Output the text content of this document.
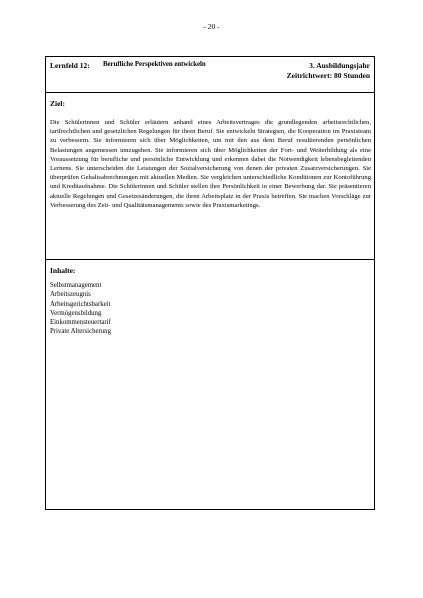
- 20 -
Lernfeld 12: Berufliche Perspektiven entwickeln	3. Ausbildungsjahr
Zeitrichtwert: 80 Stunden
Ziel:
Die Schülerinnen und Schüler erläutern anhand eines Arbeitsvertrages die grundlegenden arbeitsrechtlichen, tarifrechtlichen und gesetzlichen Regelungen für ihren Beruf. Sie entwickeln Strategien, die Kooperation im Praxisteam zu verbessern. Sie informieren sich über Möglichkeiten, um mit den aus dem Beruf resultierenden persönlichen Belastungen angemessen umzugehen. Sie informieren sich über Möglichkeiten der Fort- und Weiterbildung als eine Voraussetzung für berufliche und persönliche Entwicklung und erkennen dabei die Notwendigkeit lebensbegleitenden Lernens. Sie unterscheiden die Leistungen der Sozialversicherung von denen der privaten Zusatzversicherungen. Sie überprüfen Gehaltsabrechnungen mit aktuellen Medien. Sie vergleichen unterschiedliche Konditionen zur Kontoführung und Kreditaufnahme. Die Schülerinnen und Schüler stellen ihre Persönlichkeit in einer Bewerbung dar. Sie präsentieren aktuelle Regelungen und Gesetzesänderungen, die ihren Arbeitsplatz in der Praxis betreffen. Sie machen Vorschläge zur Verbesserung des Zeit- und Qualitätsmanagements sowie des Praxismarketings.
Inhalte:
Selbstmanagement
Arbeitszeugnis
Arbeitsgerichtsbarkeit
Vermögensbildung
Einkommensteuertarif
Private Altersicherung
